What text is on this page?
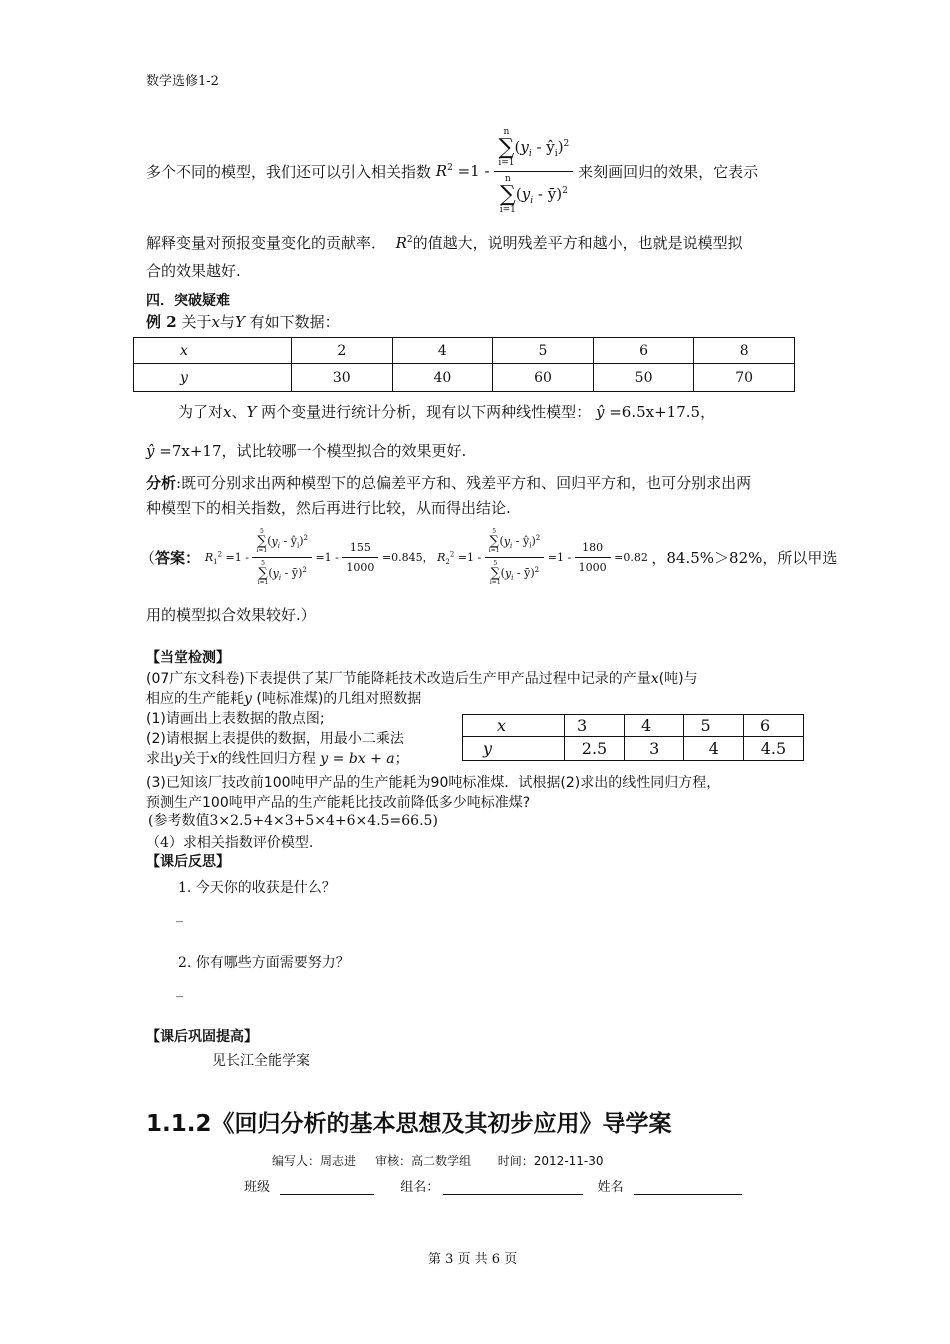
数学选修1-2
多个不同的模型，我们还可以引入相关指数 $R^2 =1 - n$
∑
i=1
($y_i$ - $ŷ_i)^2$
n
∑
i=1
($y_i$ - ȳ)$^2$ 来刻画回归的效果，它表示
解释变量对预报变量变化的贡献率． $R^2$的值越大，说明残差平方和越小，也就是说模型拟
合的效果越好.
四．突破疑难
例 2 关于x与Y 有如下数据：
x	2	4	5	6	8
y	30	40	60	50	70
为了对x、Y 两个变量进行统计分析，现有以下两种线性模型： ŷ =6.5x+17.5，
ŷ =7x+17，试比较哪一个模型拟合的效果更好.
分析:既可分别求出两种模型下的总偏差平方和、残差平方和、回归平方和，也可分别求出两
种模型下的相关指数，然后再进行比较，从而得出结论.
（答案： $R_1^2 =1 - 5$
∑
i=1
($y_i$ - $ŷ_i)^2$
5
∑
i=1
($y_i$ - ȳ)$^2$ $=1 - \frac{155}{1000} =0.845$， $R_2^2 =1 - 5$
∑
i=1
($y_i$ - $ŷ_i)^2$
5
∑
i=1
($y_i$ - ȳ)$^2$ $=1 - \frac{180}{1000} =0.82$ ，84.5%＞82%，所以甲选
用的模型拟合效果较好.）
【当堂检测】
(07广东文科卷)下表提供了某厂节能降耗技术改造后生产甲产品过程中记录的产量x(吨)与
相应的生产能耗y (吨标准煤)的几组对照数据
(1)请画出上表数据的散点图;
(2)请根据上表提供的数据，用最小二乘法
求出y关于x的线性回归方程 y = bx + a；
x	3	4	5	6
y	2.5	3	4	4.5
(3)已知该厂技改前100吨甲产品的生产能耗为90吨标准煤．试根据(2)求出的线性同归方程，
预测生产100吨甲产品的生产能耗比技改前降低多少吨标准煤?
(参考数值3×2.5+4×3+5×4+6×4.5=66.5)
（4）求相关指数评价模型.
【课后反思】
1. 今天你的收获是什么？
_
2. 你有哪些方面需要努力？
_
【课后巩固提高】
见长江全能学案
1.1.2《回归分析的基本思想及其初步应用》导学案
编写人：周志进     审核：高二数学组       时间：2012-11-30
班级	组名：	姓名
第 3 页 共 6 页
